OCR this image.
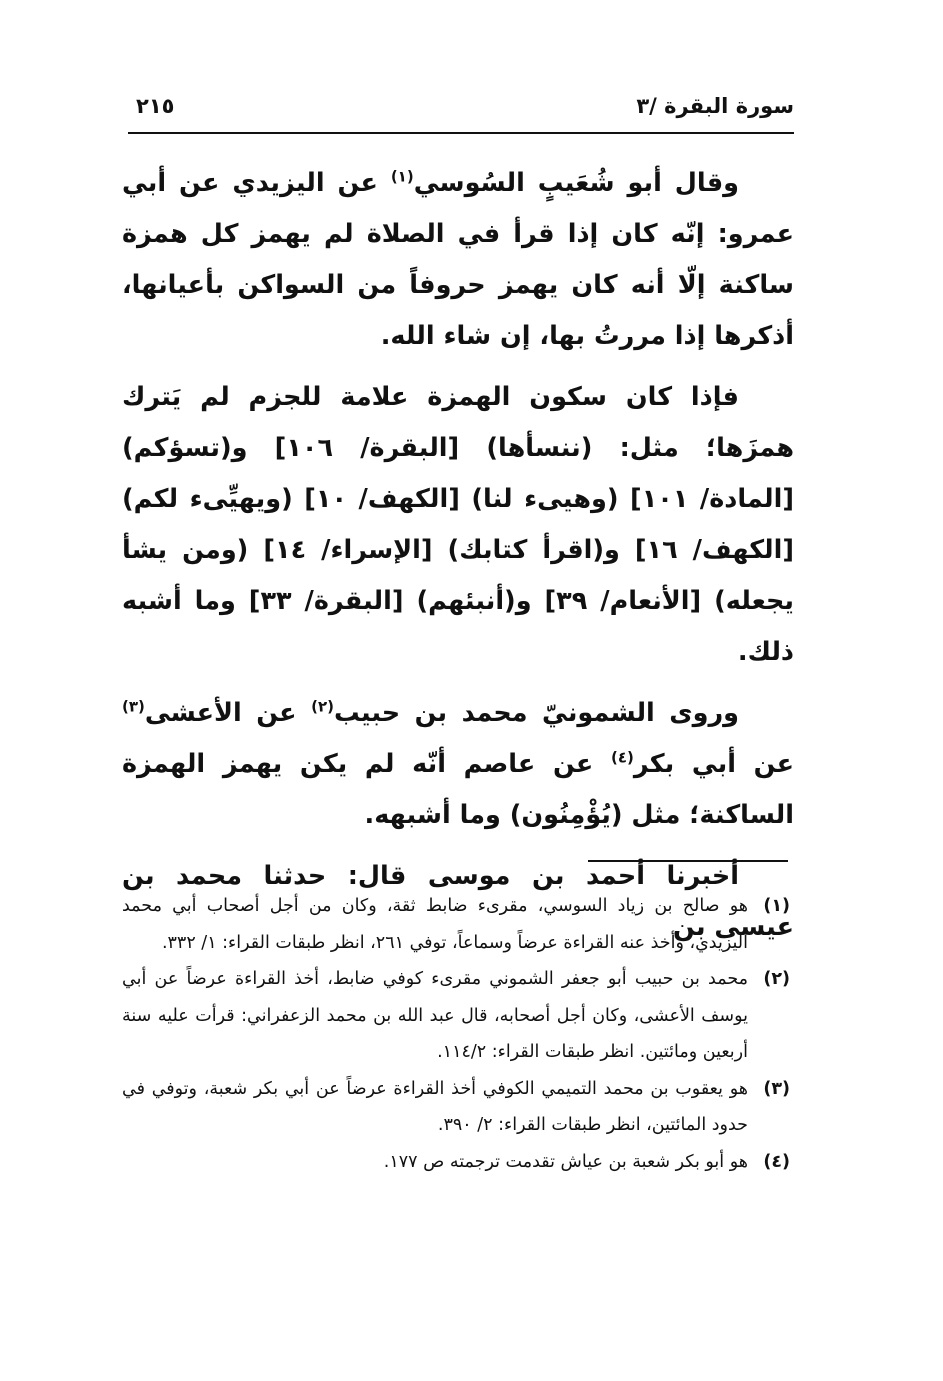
سورة البقرة /٣
٢١٥

وقال أبو شُعَيبٍ السُوسي$^{(١)}$ عن اليزيدي عن أبي عمرو: إنّه كان إذا قرأ في الصلاة لم يهمز كل همزة ساكنة إلّا أنه كان يهمز حروفاً من السواكن بأعيانها، أذكرها إذا مررتُ بها، إن شاء الله.

فإذا كان سكون الهمزة علامة للجزم لم يَترك همزَها؛ مثل: (ننسأها) [البقرة/ ١٠٦] و(تسؤكم) [المادة/ ١٠١] (وهيىء لنا) [الكهف/ ١٠] (ويهيِّىء لكم) [الكهف/ ١٦] و(اقرأ كتابك) [الإسراء/ ١٤] (ومن يشأ يجعله) [الأنعام/ ٣٩] و(أنبئهم) [البقرة/ ٣٣] وما أشبه ذلك.

وروى الشمونيّ محمد بن حبيب$^{(٢)}$ عن الأعشى$^{(٣)}$ عن أبي بكر$^{(٤)}$ عن عاصم أنّه لم يكن يهمز الهمزة الساكنة؛ مثل (يُؤْمِنُون) وما أشبهه.

أخبرنا أحمد بن موسى قال: حدثنا محمد بن عيسى بن

(١)
هو صالح بن زياد السوسي، مقرىء ضابط ثقة، وكان من أجل أصحاب أبي محمد اليزيدي، وأخذ عنه القراءة عرضاً وسماعاً، توفي ٢٦١، انظر طبقات القراء: ١/ ٣٣٢.
(٢)
محمد بن حبيب أبو جعفر الشموني مقرىء كوفي ضابط، أخذ القراءة عرضاً عن أبي يوسف الأعشى، وكان أجل أصحابه، قال عبد الله بن محمد الزعفراني: قرأت عليه سنة أربعين ومائتين. انظر طبقات القراء: ١١٤/٢.
(٣)
هو يعقوب بن محمد التميمي الكوفي أخذ القراءة عرضاً عن أبي بكر شعبة، وتوفي في حدود المائتين، انظر طبقات القراء: ٢/ ٣٩٠.
(٤)
هو أبو بكر شعبة بن عياش تقدمت ترجمته ص ١٧٧.
